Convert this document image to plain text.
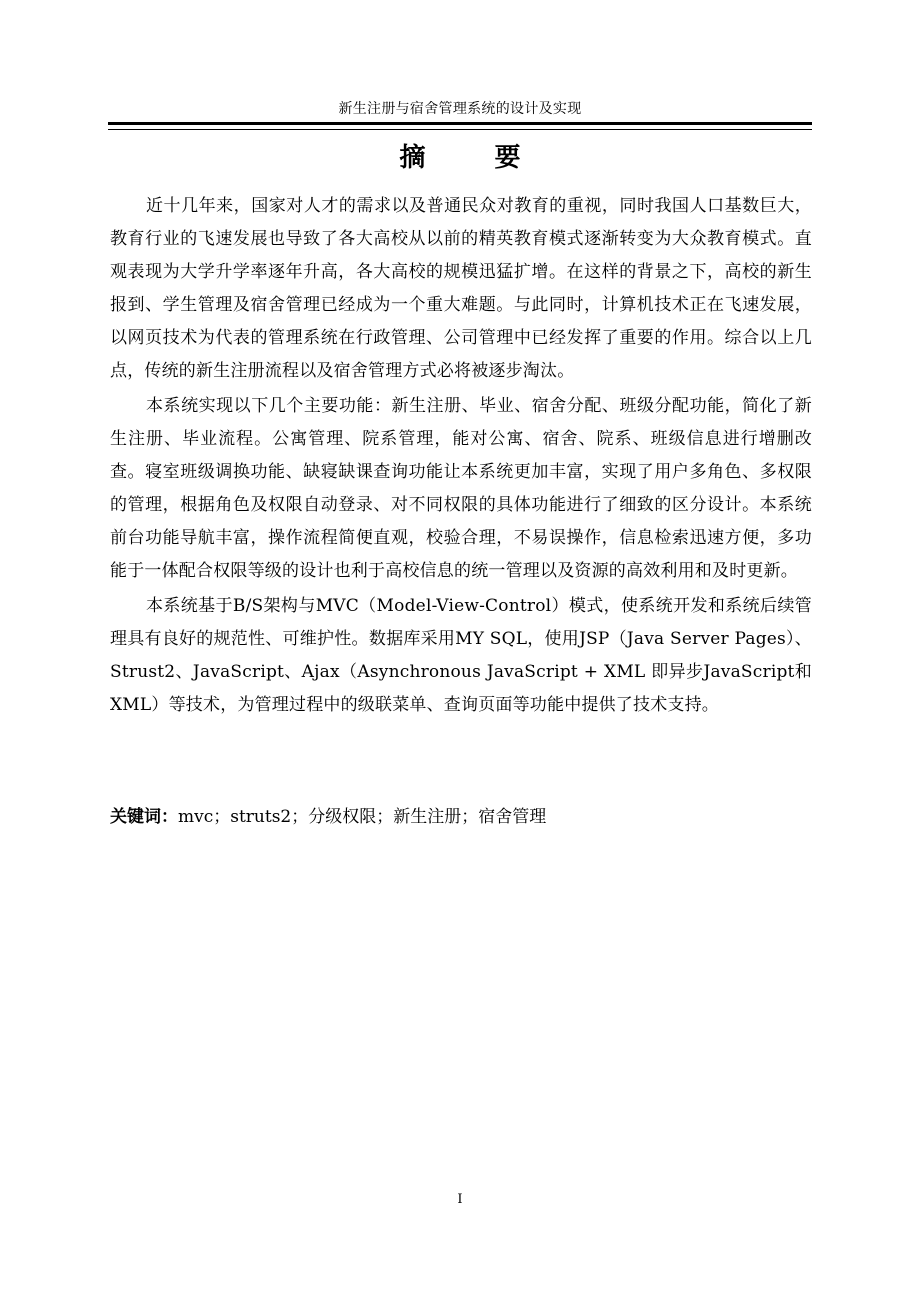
新生注册与宿舍管理系统的设计及实现
摘 要

近十几年来，国家对人才的需求以及普通民众对教育的重视，同时我国人口基数巨大，教育行业的飞速发展也导致了各大高校从以前的精英教育模式逐渐转变为大众教育模式。直观表现为大学升学率逐年升高，各大高校的规模迅猛扩增。在这样的背景之下，高校的新生报到、学生管理及宿舍管理已经成为一个重大难题。与此同时，计算机技术正在飞速发展，以网页技术为代表的管理系统在行政管理、公司管理中已经发挥了重要的作用。综合以上几点，传统的新生注册流程以及宿舍管理方式必将被逐步淘汰。

本系统实现以下几个主要功能：新生注册、毕业、宿舍分配、班级分配功能，简化了新生注册、毕业流程。公寓管理、院系管理，能对公寓、宿舍、院系、班级信息进行增删改查。寝室班级调换功能、缺寝缺课查询功能让本系统更加丰富，实现了用户多角色、多权限的管理，根据角色及权限自动登录、对不同权限的具体功能进行了细致的区分设计。本系统前台功能导航丰富，操作流程简便直观，校验合理，不易误操作，信息检索迅速方便，多功能于一体配合权限等级的设计也利于高校信息的统一管理以及资源的高效利用和及时更新。

本系统基于B/S架构与MVC（Model-View-Control）模式，使系统开发和系统后续管理具有良好的规范性、可维护性。数据库采用MY SQL，使用JSP（Java Server Pages）、Strust2、JavaScript、Ajax（Asynchronous JavaScript + XML 即异步JavaScript和XML）等技术，为管理过程中的级联菜单、查询页面等功能中提供了技术支持。

关键词：mvc；struts2；分级权限；新生注册；宿舍管理
I
